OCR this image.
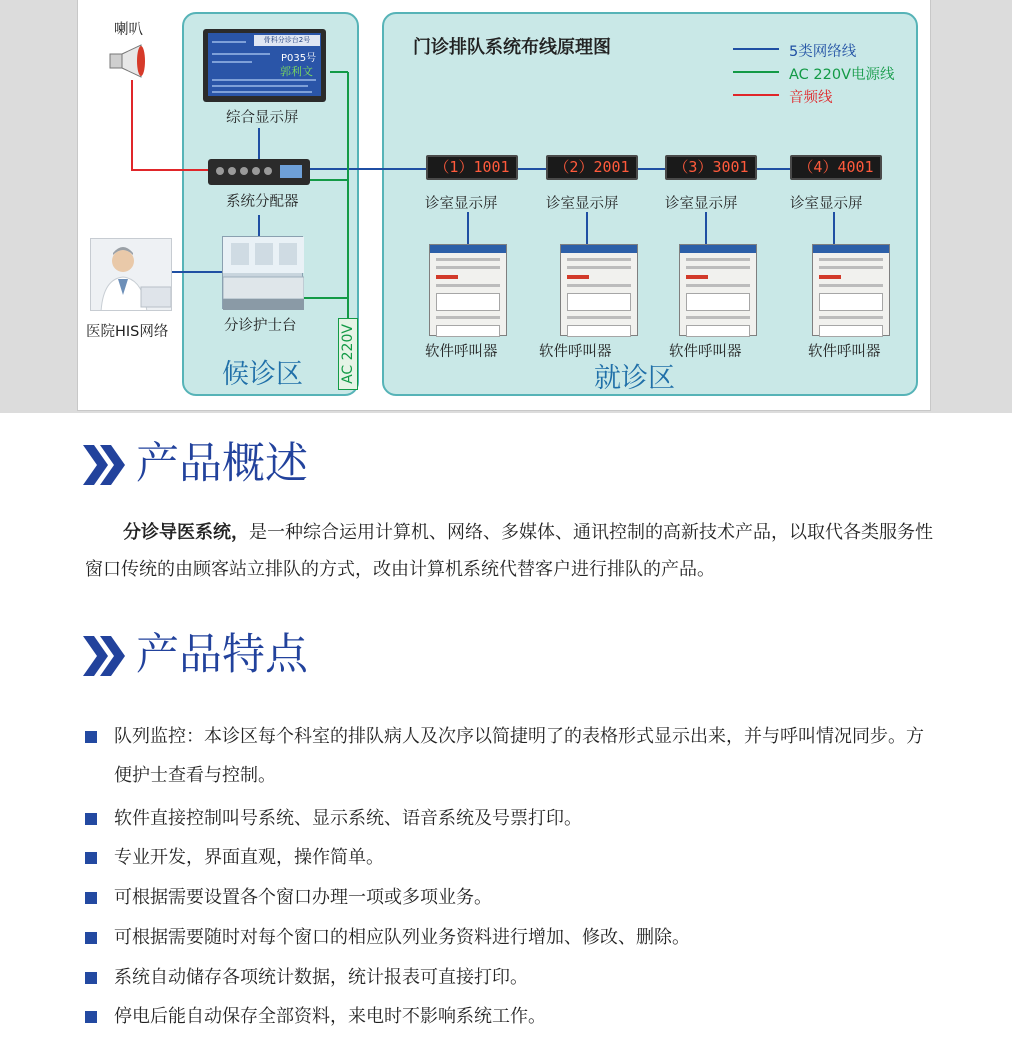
喇叭
医院HIS网络
骨科分诊台2号
P035号
郭利文
综合显示屏
系统分配器
分诊护士台
候诊区	AC 220V
门诊排队系统布线原理图	5类网络线
AC 220V电源线
音频线
（1）1001
诊室显示屏
软件呼叫器
（2）2001
诊室显示屏
软件呼叫器
（3）3001
诊室显示屏
软件呼叫器
（4）4001
诊室显示屏
软件呼叫器
就诊区
产品概述
分诊导医系统，是一种综合运用计算机、网络、多媒体、通讯控制的高新技术产品，以取代各类服务性窗口传统的由顾客站立排队的方式，改由计算机系统代替客户进行排队的产品。
产品特点
队列监控：本诊区每个科室的排队病人及次序以简捷明了的表格形式显示出来，并与呼叫情况同步。方便护士查看与控制。
软件直接控制叫号系统、显示系统、语音系统及号票打印。
专业开发，界面直观，操作简单。
可根据需要设置各个窗口办理一项或多项业务。
可根据需要随时对每个窗口的相应队列业务资料进行增加、修改、删除。
系统自动储存各项统计数据，统计报表可直接打印。
停电后能自动保存全部资料，来电时不影响系统工作。
